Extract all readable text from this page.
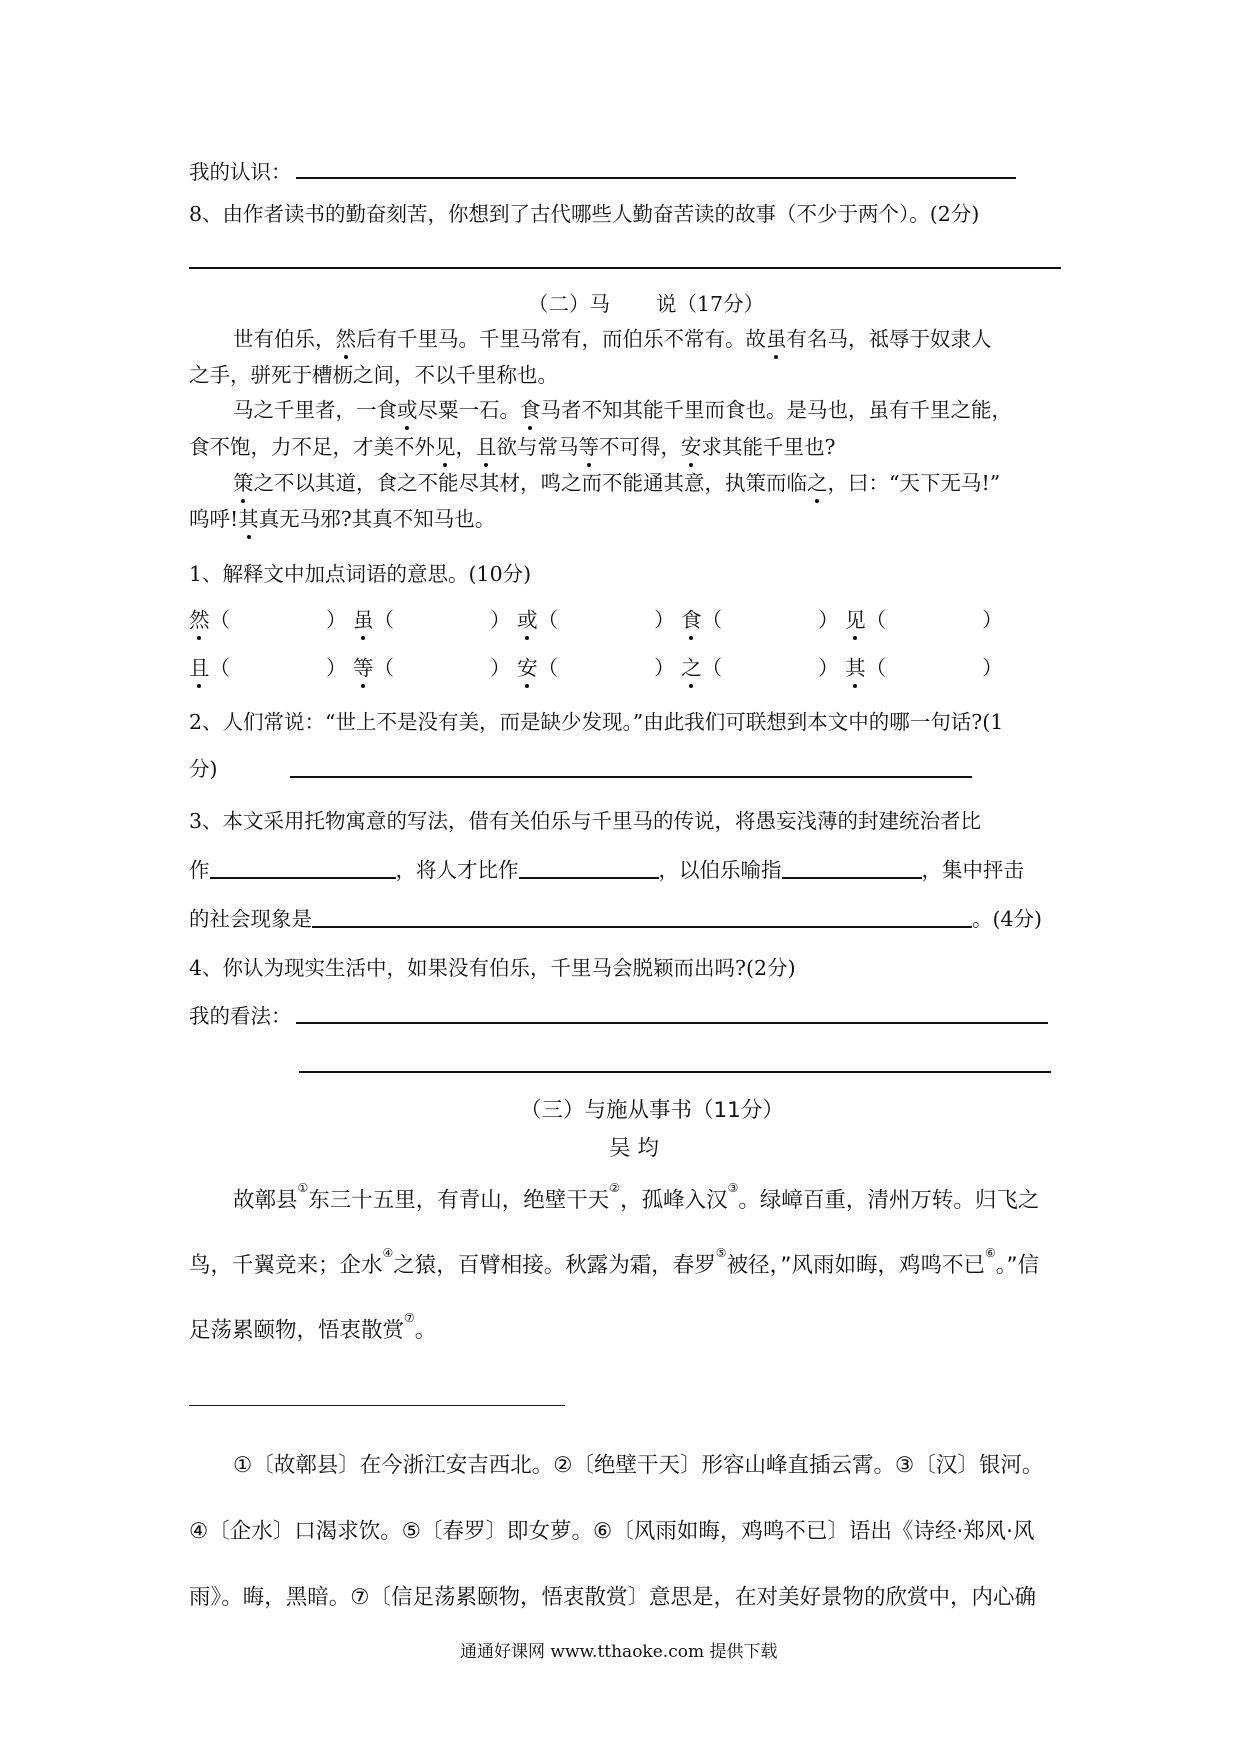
我的认识：
8、由作者读书的勤奋刻苦，你想到了古代哪些人勤奋苦读的故事（不少于两个）。(2分)
（二）马 说（17分）
世有伯乐，然后有千里马。千里马常有，而伯乐不常有。故虽有名马，祗辱于奴隶人
之手，骈死于槽枥之间，不以千里称也。
马之千里者，一食或尽粟一石。食马者不知其能千里而食也。是马也，虽有千里之能，
食不饱，力不足，才美不外见，且欲与常马等不可得，安求其能千里也?
策之不以其道，食之不能尽其材，鸣之而不能通其意，执策而临之，曰：“天下无马!”
呜呼!其真无马邪?其真不知马也。
1、解释文中加点词语的意思。(10分)
然（	） 虽（	） 或（	） 食（	） 见（	）
且（	） 等（	） 安（	） 之（	） 其（	）
2、人们常说：“世上不是没有美，而是缺少发现。”由此我们可联想到本文中的哪一句话?(1
分)
3、本文采用托物寓意的写法，借有关伯乐与千里马的传说，将愚妄浅薄的封建统治者比
作	，将人才比作	，以伯乐喻指	，集中抨击
的社会现象是	。(4分)
4、你认为现实生活中，如果没有伯乐，千里马会脱颖而出吗?(2分)
我的看法：
（三）与施从事书（11分）
吴 均
故鄣县①东三十五里，有青山，绝壁干天②，孤峰入汉③。绿嶂百重，清州万转。归飞之
鸟，千翼竞来；企水④之猿，百臂相接。秋露为霜，春罗⑤被径，”风雨如晦，鸡鸣不已⑥。”信
足荡累颐物，悟衷散赏⑦。
①〔故鄣县〕在今浙江安吉西北。②〔绝壁干天〕形容山峰直插云霄。③〔汉〕银河。
④〔企水〕口渴求饮。⑤〔春罗〕即女萝。⑥〔风雨如晦，鸡鸣不已〕语出《诗经·郑风·风
雨》。晦，黑暗。⑦〔信足荡累颐物，悟衷散赏〕意思是，在对美好景物的欣赏中，内心确
通通好课网 www.tthaoke.com 提供下载
